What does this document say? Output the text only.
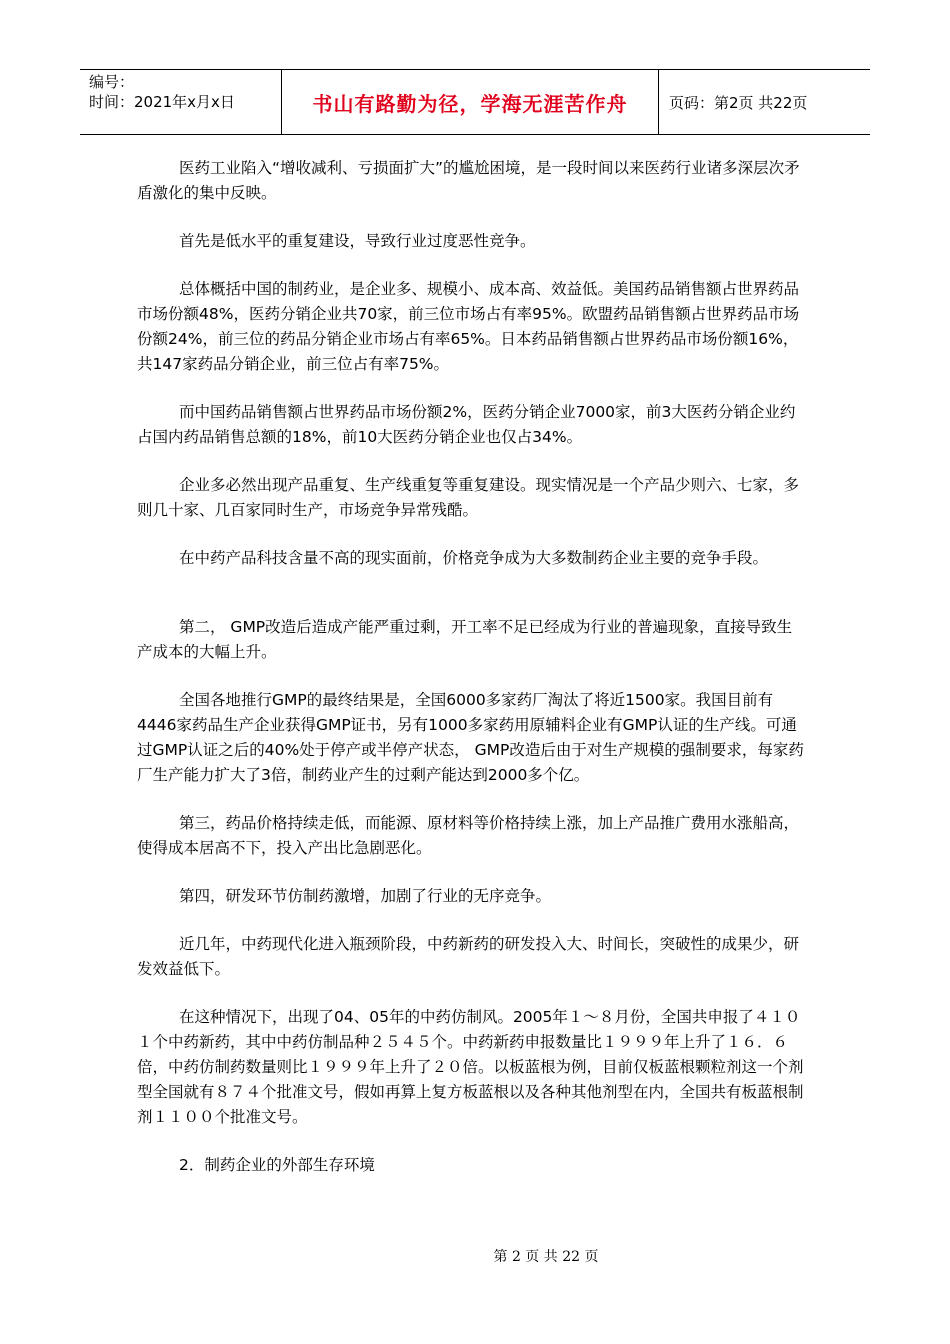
编号：
时间：2021年x月x日	书山有路勤为径，学海无涯苦作舟	页码：第2页 共22页

医药工业陷入“增收减利、亏损面扩大”的尴尬困境，是一段时间以来医药行业诸多深层次矛盾激化的集中反映。

首先是低水平的重复建设，导致行业过度恶性竞争。

总体概括中国的制药业，是企业多、规模小、成本高、效益低。美国药品销售额占世界药品市场份额48%，医药分销企业共70家，前三位市场占有率95%。欧盟药品销售额占世界药品市场份额24%，前三位的药品分销企业市场占有率65%。日本药品销售额占世界药品市场份额16%，共147家药品分销企业，前三位占有率75%。

而中国药品销售额占世界药品市场份额2%，医药分销企业7000家，前3大医药分销企业约占国内药品销售总额的18%，前10大医药分销企业也仅占34%。

企业多必然出现产品重复、生产线重复等重复建设。现实情况是一个产品少则六、七家，多则几十家、几百家同时生产，市场竞争异常残酷。

在中药产品科技含量不高的现实面前，价格竞争成为大多数制药企业主要的竞争手段。

第二， GMP改造后造成产能严重过剩，开工率不足已经成为行业的普遍现象，直接导致生产成本的大幅上升。

全国各地推行GMP的最终结果是，全国6000多家药厂淘汰了将近1500家。我国目前有4446家药品生产企业获得GMP证书，另有1000多家药用原辅料企业有GMP认证的生产线。可通过GMP认证之后的40%处于停产或半停产状态， GMP改造后由于对生产规模的强制要求，每家药厂生产能力扩大了3倍，制药业产生的过剩产能达到2000多个亿。

第三，药品价格持续走低，而能源、原材料等价格持续上涨，加上产品推广费用水涨船高，使得成本居高不下，投入产出比急剧恶化。

第四，研发环节仿制药激增，加剧了行业的无序竞争。

近几年，中药现代化进入瓶颈阶段，中药新药的研发投入大、时间长，突破性的成果少，研发效益低下。

在这种情况下，出现了04、05年的中药仿制风。2005年１～８月份，全国共申报了４１０１个中药新药，其中中药仿制品种２５４５个。中药新药申报数量比１９９９年上升了１６．６倍，中药仿制药数量则比１９９９年上升了２０倍。以板蓝根为例，目前仅板蓝根颗粒剂这一个剂型全国就有８７４个批准文号，假如再算上复方板蓝根以及各种其他剂型在内，全国共有板蓝根制剂１１００个批准文号。

2．制药企业的外部生存环境

第 2 页 共 22 页
